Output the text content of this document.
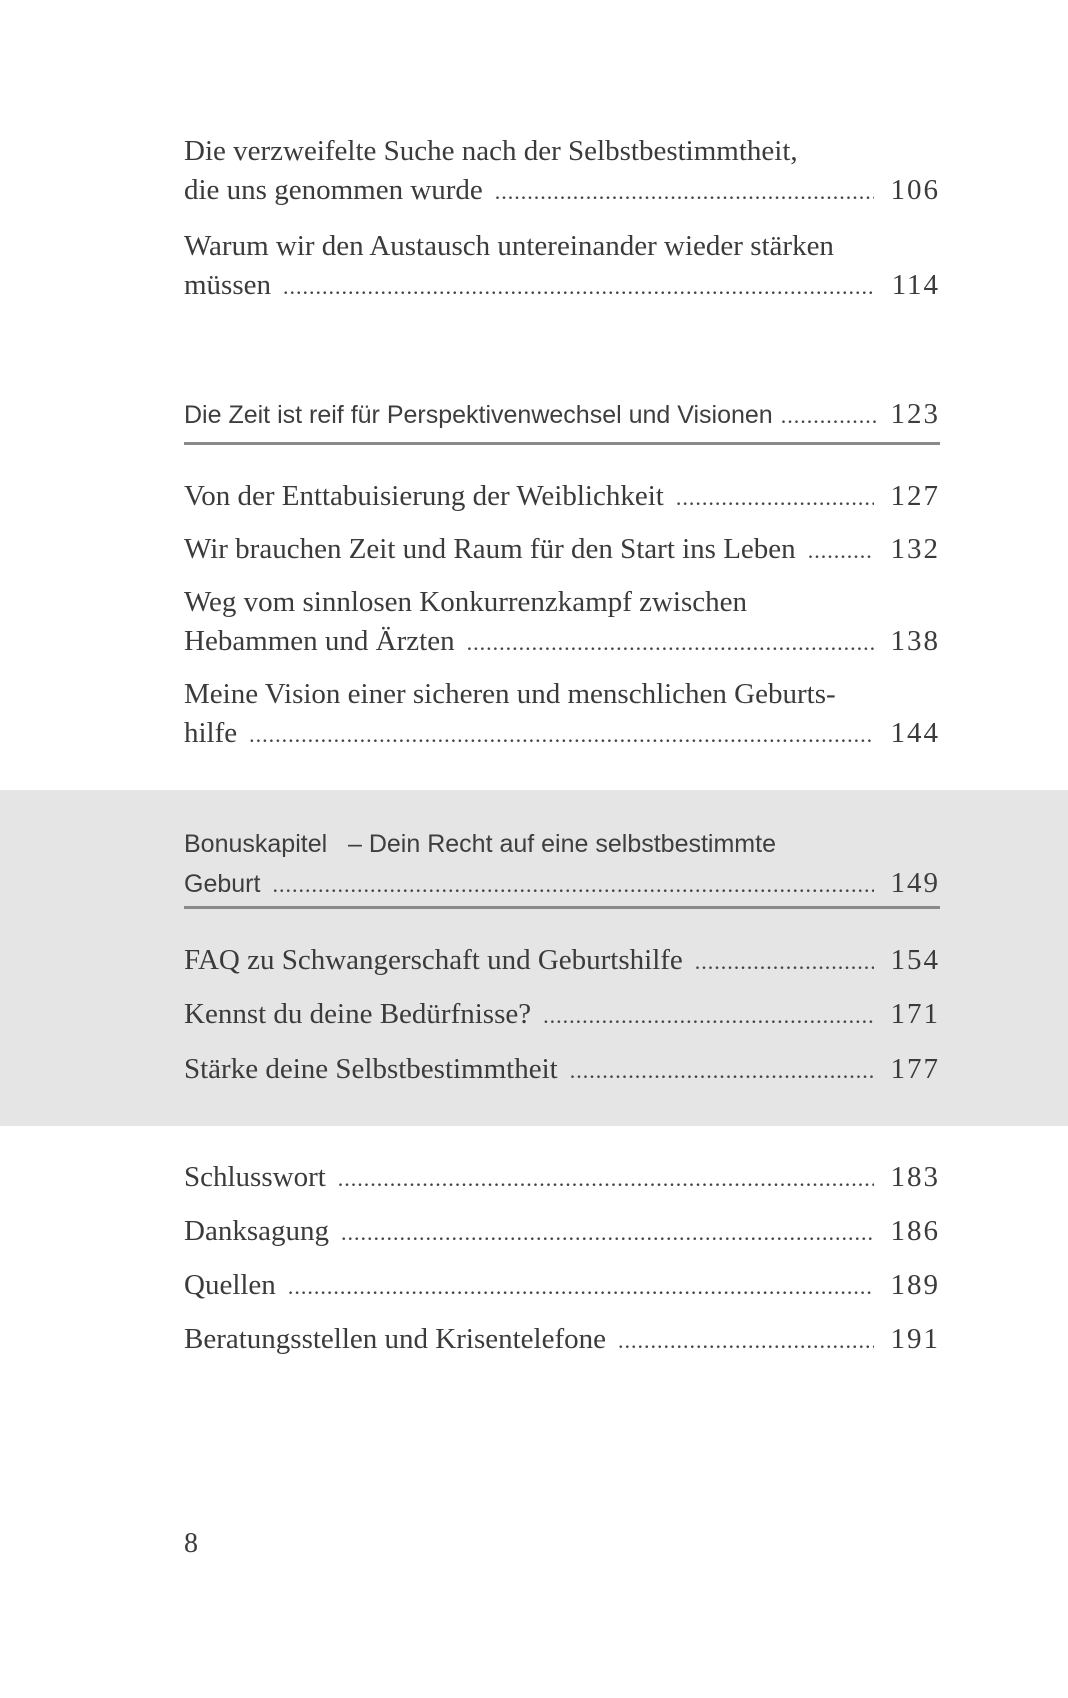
Die verzweifelte Suche nach der Selbstbestimmtheit,
die uns genommen wurde .....	106
Warum wir den Austausch untereinander wieder stärken
müssen .....	114
Die Zeit ist reif für Perspektivenwechsel und Visionen .....	123
Von der Enttabuisierung der Weiblichkeit .....	127
Wir brauchen Zeit und Raum für den Start ins Leben .....	132
Weg vom sinnlosen Konkurrenzkampf zwischen
Hebammen und Ärzten .....	138
Meine Vision einer sicheren und menschlichen Geburts-
hilfe .....	144
Bonuskapitel   – Dein Recht auf eine selbstbestimmte
Geburt .....	149
FAQ zu Schwangerschaft und Geburtshilfe .....	154
Kennst du deine Bedürfnisse? .....	171
Stärke deine Selbstbestimmtheit .....	177
Schlusswort .....	183
Danksagung .....	186
Quellen .....	189
Beratungsstellen und Krisentelefone .....	191
8
